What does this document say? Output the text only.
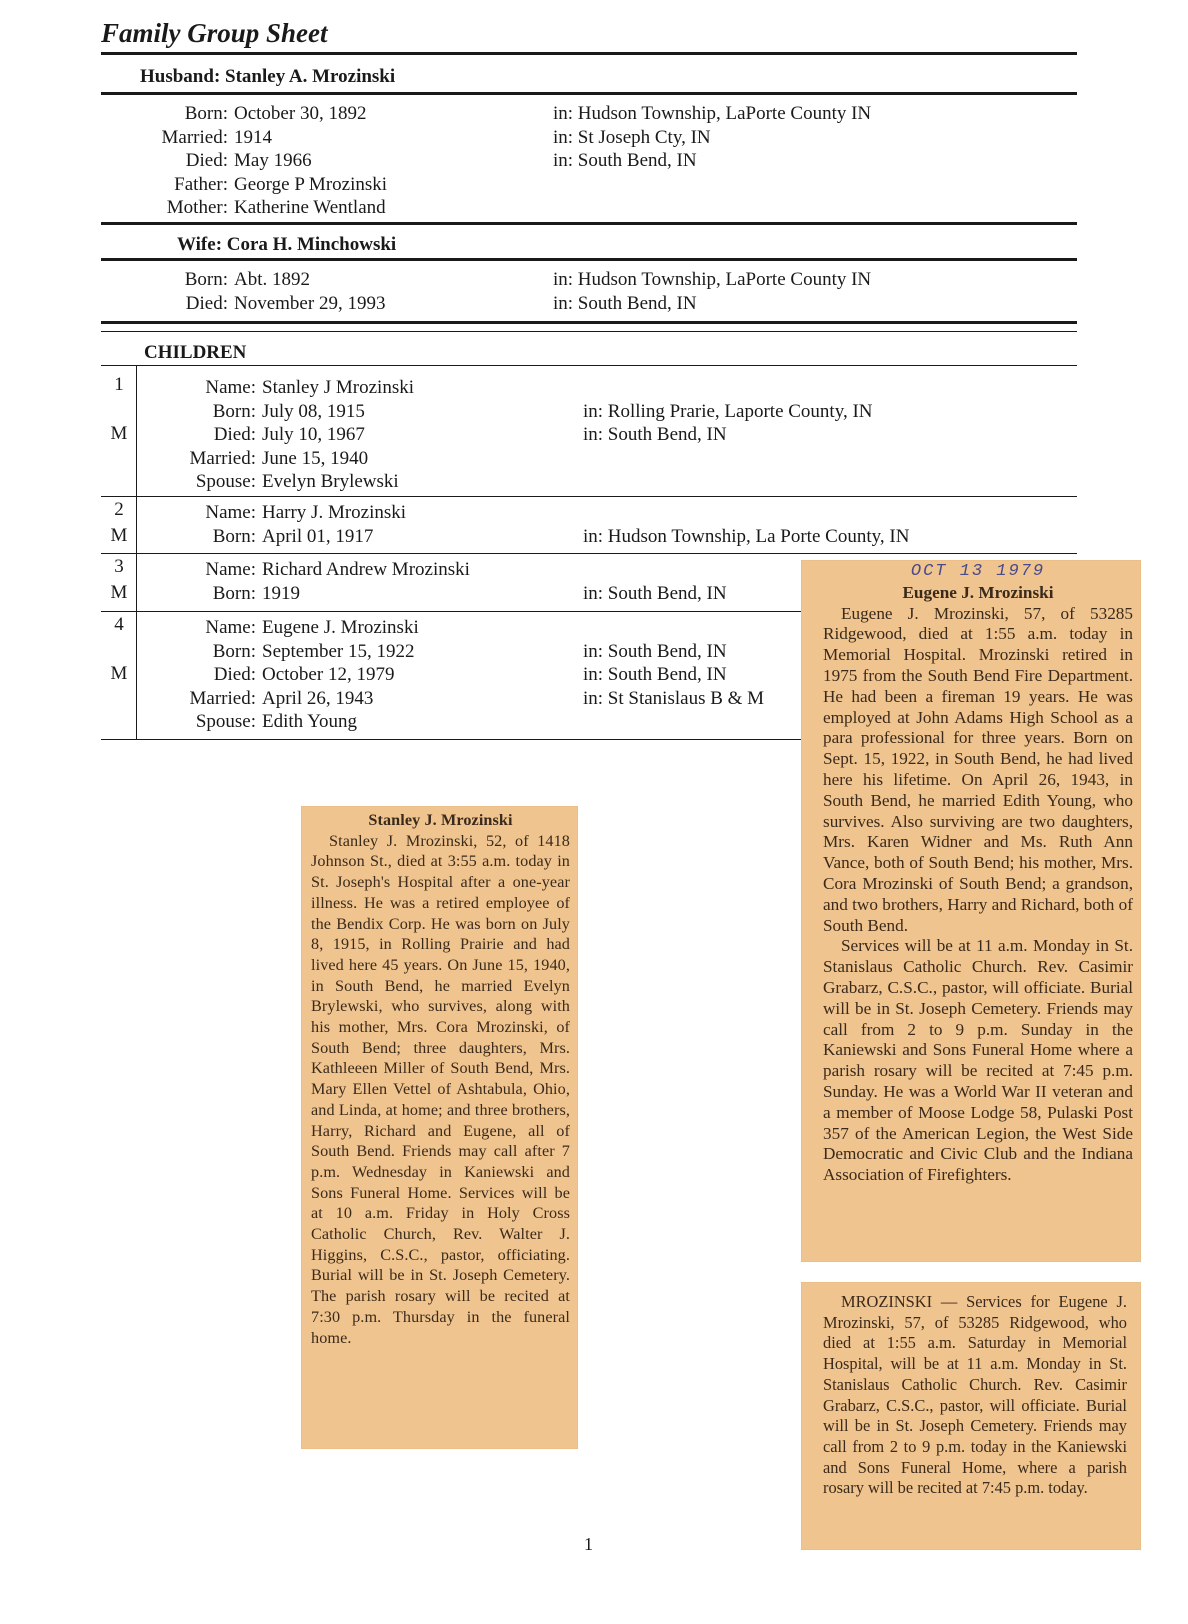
Family Group Sheet
Husband: Stanley A. Mrozinski
Born: October 30, 1892	in: Hudson Township, LaPorte County IN
Married: 1914	in: St Joseph Cty, IN
Died: May 1966	in: South Bend, IN
Father: George P Mrozinski
Mother: Katherine Wentland
Wife: Cora H. Minchowski
Born: Abt. 1892	in: Hudson Township, LaPorte County IN
Died: November 29, 1993	in: South Bend, IN
CHILDREN
1
M
Name: Stanley J Mrozinski
Born: July 08, 1915	in: Rolling Prarie, Laporte County, IN
Died: July 10, 1967	in: South Bend, IN
Married: June 15, 1940
Spouse: Evelyn Brylewski
2
M
Name: Harry J. Mrozinski
Born: April 01, 1917	in: Hudson Township, La Porte County, IN
3
M
Name: Richard Andrew Mrozinski
Born: 1919	in: South Bend, IN
4
M
Name: Eugene J. Mrozinski
Born: September 15, 1922	in: South Bend, IN
Died: October 12, 1979	in: South Bend, IN
Married: April 26, 1943	in: St Stanislaus B & M
Spouse: Edith Young
Stanley J. Mrozinski
Stanley J. Mrozinski, 52, of 1418 Johnson St., died at 3:55 a.m. today in St. Joseph's Hospital after a one-year illness. He was a retired employee of the Bendix Corp. He was born on July 8, 1915, in Rolling Prairie and had lived here 45 years. On June 15, 1940, in South Bend, he married Evelyn Brylewski, who survives, along with his mother, Mrs. Cora Mrozinski, of South Bend; three daughters, Mrs. Kathleeen Miller of South Bend, Mrs. Mary Ellen Vettel of Ashtabula, Ohio, and Linda, at home; and three brothers, Harry, Richard and Eugene, all of South Bend. Friends may call after 7 p.m. Wednesday in Kaniewski and Sons Funeral Home. Services will be at 10 a.m. Friday in Holy Cross Catholic Church, Rev. Walter J. Higgins, C.S.C., pastor, officiating. Burial will be in St. Joseph Cemetery. The parish rosary will be recited at 7:30 p.m. Thursday in the funeral home.
OCT 13 1979
Eugene J. Mrozinski
Eugene J. Mrozinski, 57, of 53285 Ridgewood, died at 1:55 a.m. today in Memorial Hospital. Mrozinski retired in 1975 from the South Bend Fire Department. He had been a fireman 19 years. He was employed at John Adams High School as a para professional for three years. Born on Sept. 15, 1922, in South Bend, he had lived here his lifetime. On April 26, 1943, in South Bend, he married Edith Young, who survives. Also surviving are two daughters, Mrs. Karen Widner and Ms. Ruth Ann Vance, both of South Bend; his mother, Mrs. Cora Mrozinski of South Bend; a grandson, and two brothers, Harry and Richard, both of South Bend.
Services will be at 11 a.m. Monday in St. Stanislaus Catholic Church. Rev. Casimir Grabarz, C.S.C., pastor, will officiate. Burial will be in St. Joseph Cemetery. Friends may call from 2 to 9 p.m. Sunday in the Kaniewski and Sons Funeral Home where a parish rosary will be recited at 7:45 p.m. Sunday. He was a World War II veteran and a member of Moose Lodge 58, Pulaski Post 357 of the American Legion, the West Side Democratic and Civic Club and the Indiana Association of Firefighters.
MROZINSKI — Services for Eugene J. Mrozinski, 57, of 53285 Ridgewood, who died at 1:55 a.m. Saturday in Memorial Hospital, will be at 11 a.m. Monday in St. Stanislaus Catholic Church. Rev. Casimir Grabarz, C.S.C., pastor, will officiate. Burial will be in St. Joseph Cemetery. Friends may call from 2 to 9 p.m. today in the Kaniewski and Sons Funeral Home, where a parish rosary will be recited at 7:45 p.m. today.
1
